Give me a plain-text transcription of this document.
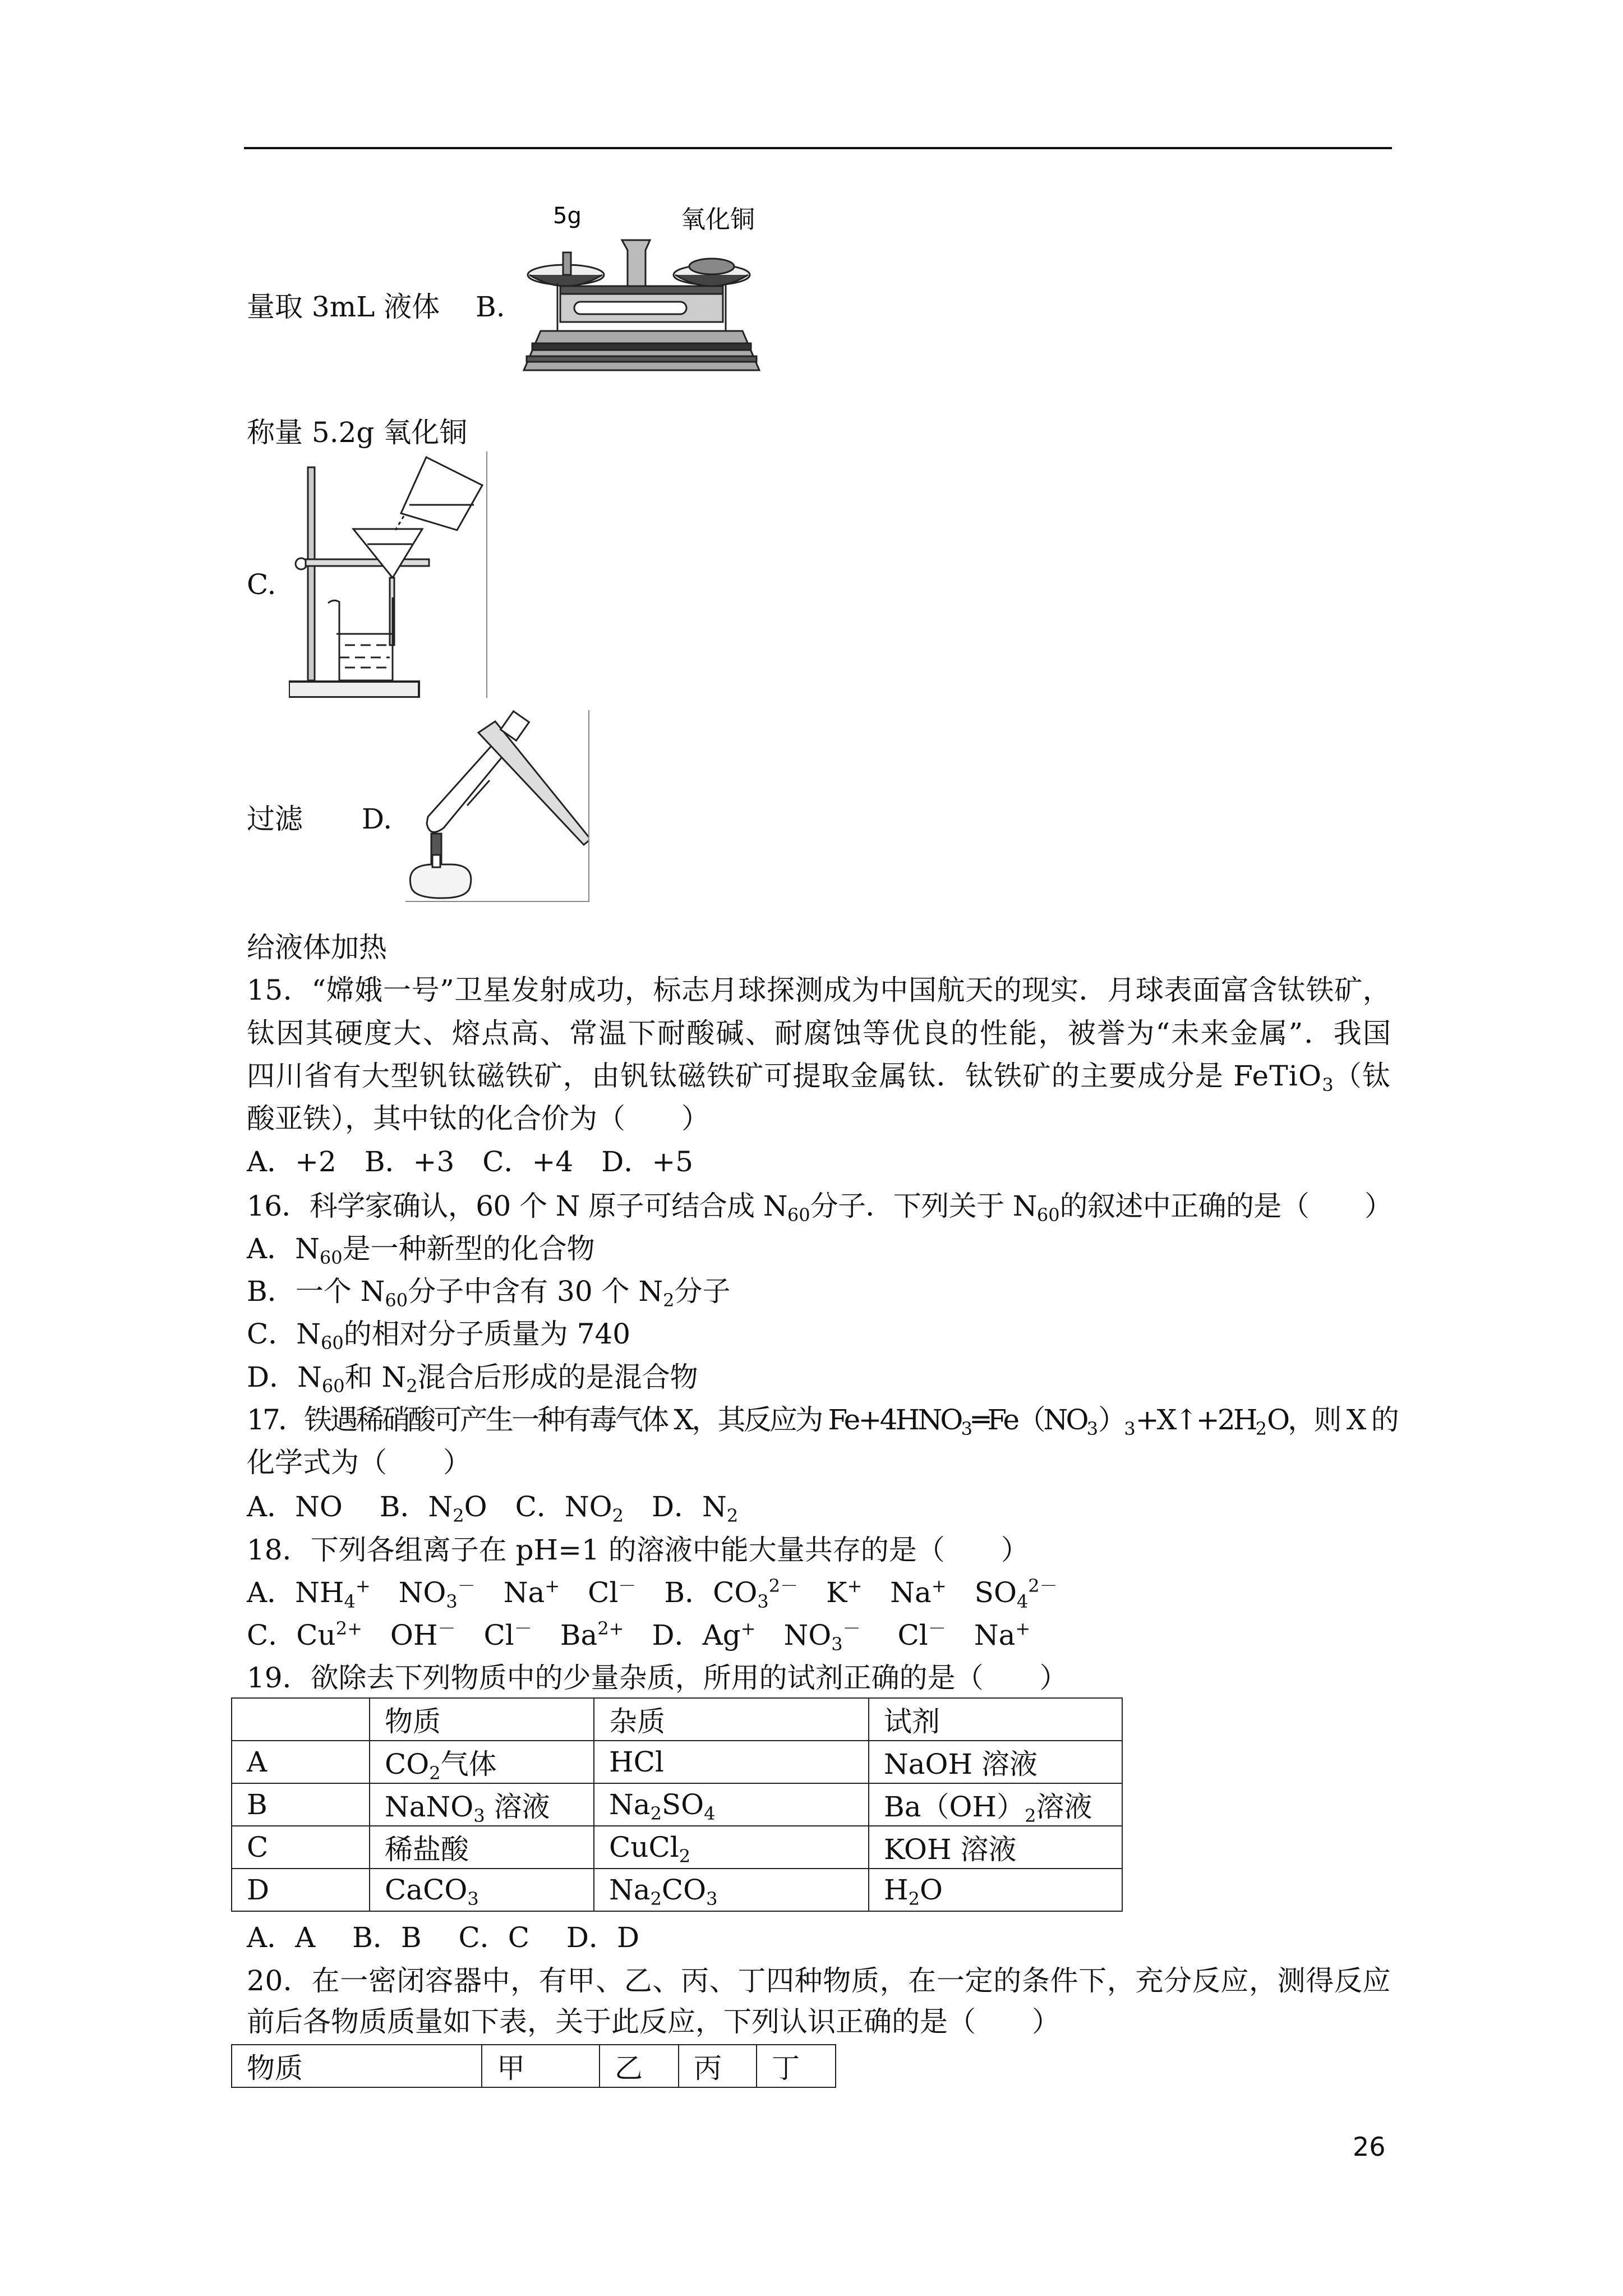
量取 3mL 液体 B.
5g	氧化铜
称量 5.2g 氧化铜
C.
过滤 D.
给液体加热
15．“嫦娥一号”卫星发射成功，标志月球探测成为中国航天的现实．月球表面富含钛铁矿，
钛因其硬度大、熔点高、常温下耐酸碱、耐腐蚀等优良的性能，被誉为“未来金属”．我国
四川省有大型钒钛磁铁矿，由钒钛磁铁矿可提取金属钛．钛铁矿的主要成分是 FeTiO$_3$（钛
酸亚铁），其中钛的化合价为（　　）
A．+2　B．+3　C．+4　D．+5
16．科学家确认，60 个 N 原子可结合成 $N_{60}$分子．下列关于 $N_{60}$的叙述中正确的是（　　）
A．$N_{60}$是一种新型的化合物
B．一个 $N_{60}$分子中含有 30 个 $N_2$分子
C．$N_{60}$的相对分子质量为 740
D．$N_{60}$和 $N_2$混合后形成的是混合物
17．铁遇稀硝酸可产生一种有毒气体 X，其反应为 $Fe+4HNO_3═Fe(NO_3)_3+X↑+2H_2O$，则 X 的
化学式为（　　）
A．NO　 B．$N_2O$　C．$NO_2$　D．$N_2$
18．下列各组离子在 pH=1 的溶液中能大量共存的是（　　）
A．$NH_4^+$　$NO_3^-$　Na+　Cl－　B．$CO_3^{2-}$　K+　Na+　$SO_4^{2-}$
C．$Cu^{2+}$　OH－　Cl－　$Ba^{2+}$　D．Ag+　$NO_3^-$　 Cl－　Na+
19．欲除去下列物质中的少量杂质，所用的试剂正确的是（　　）
	物质	杂质	试剂
A	$CO_2$气体	HCl	NaOH 溶液
B	NaNO$_3$ 溶液	$Na_2SO_4$	$Ba(OH)_2$溶液
C	稀盐酸	CuCl$_2$	KOH 溶液
D	CaCO$_3$	$Na_2CO_3$	$H_2O$
A．A　 B．B　 C．C　 D．D
20．在一密闭容器中，有甲、乙、丙、丁四种物质，在一定的条件下，充分反应，测得反应
前后各物质质量如下表，关于此反应，下列认识正确的是（　　）
物质	甲	乙	丙	丁
26
